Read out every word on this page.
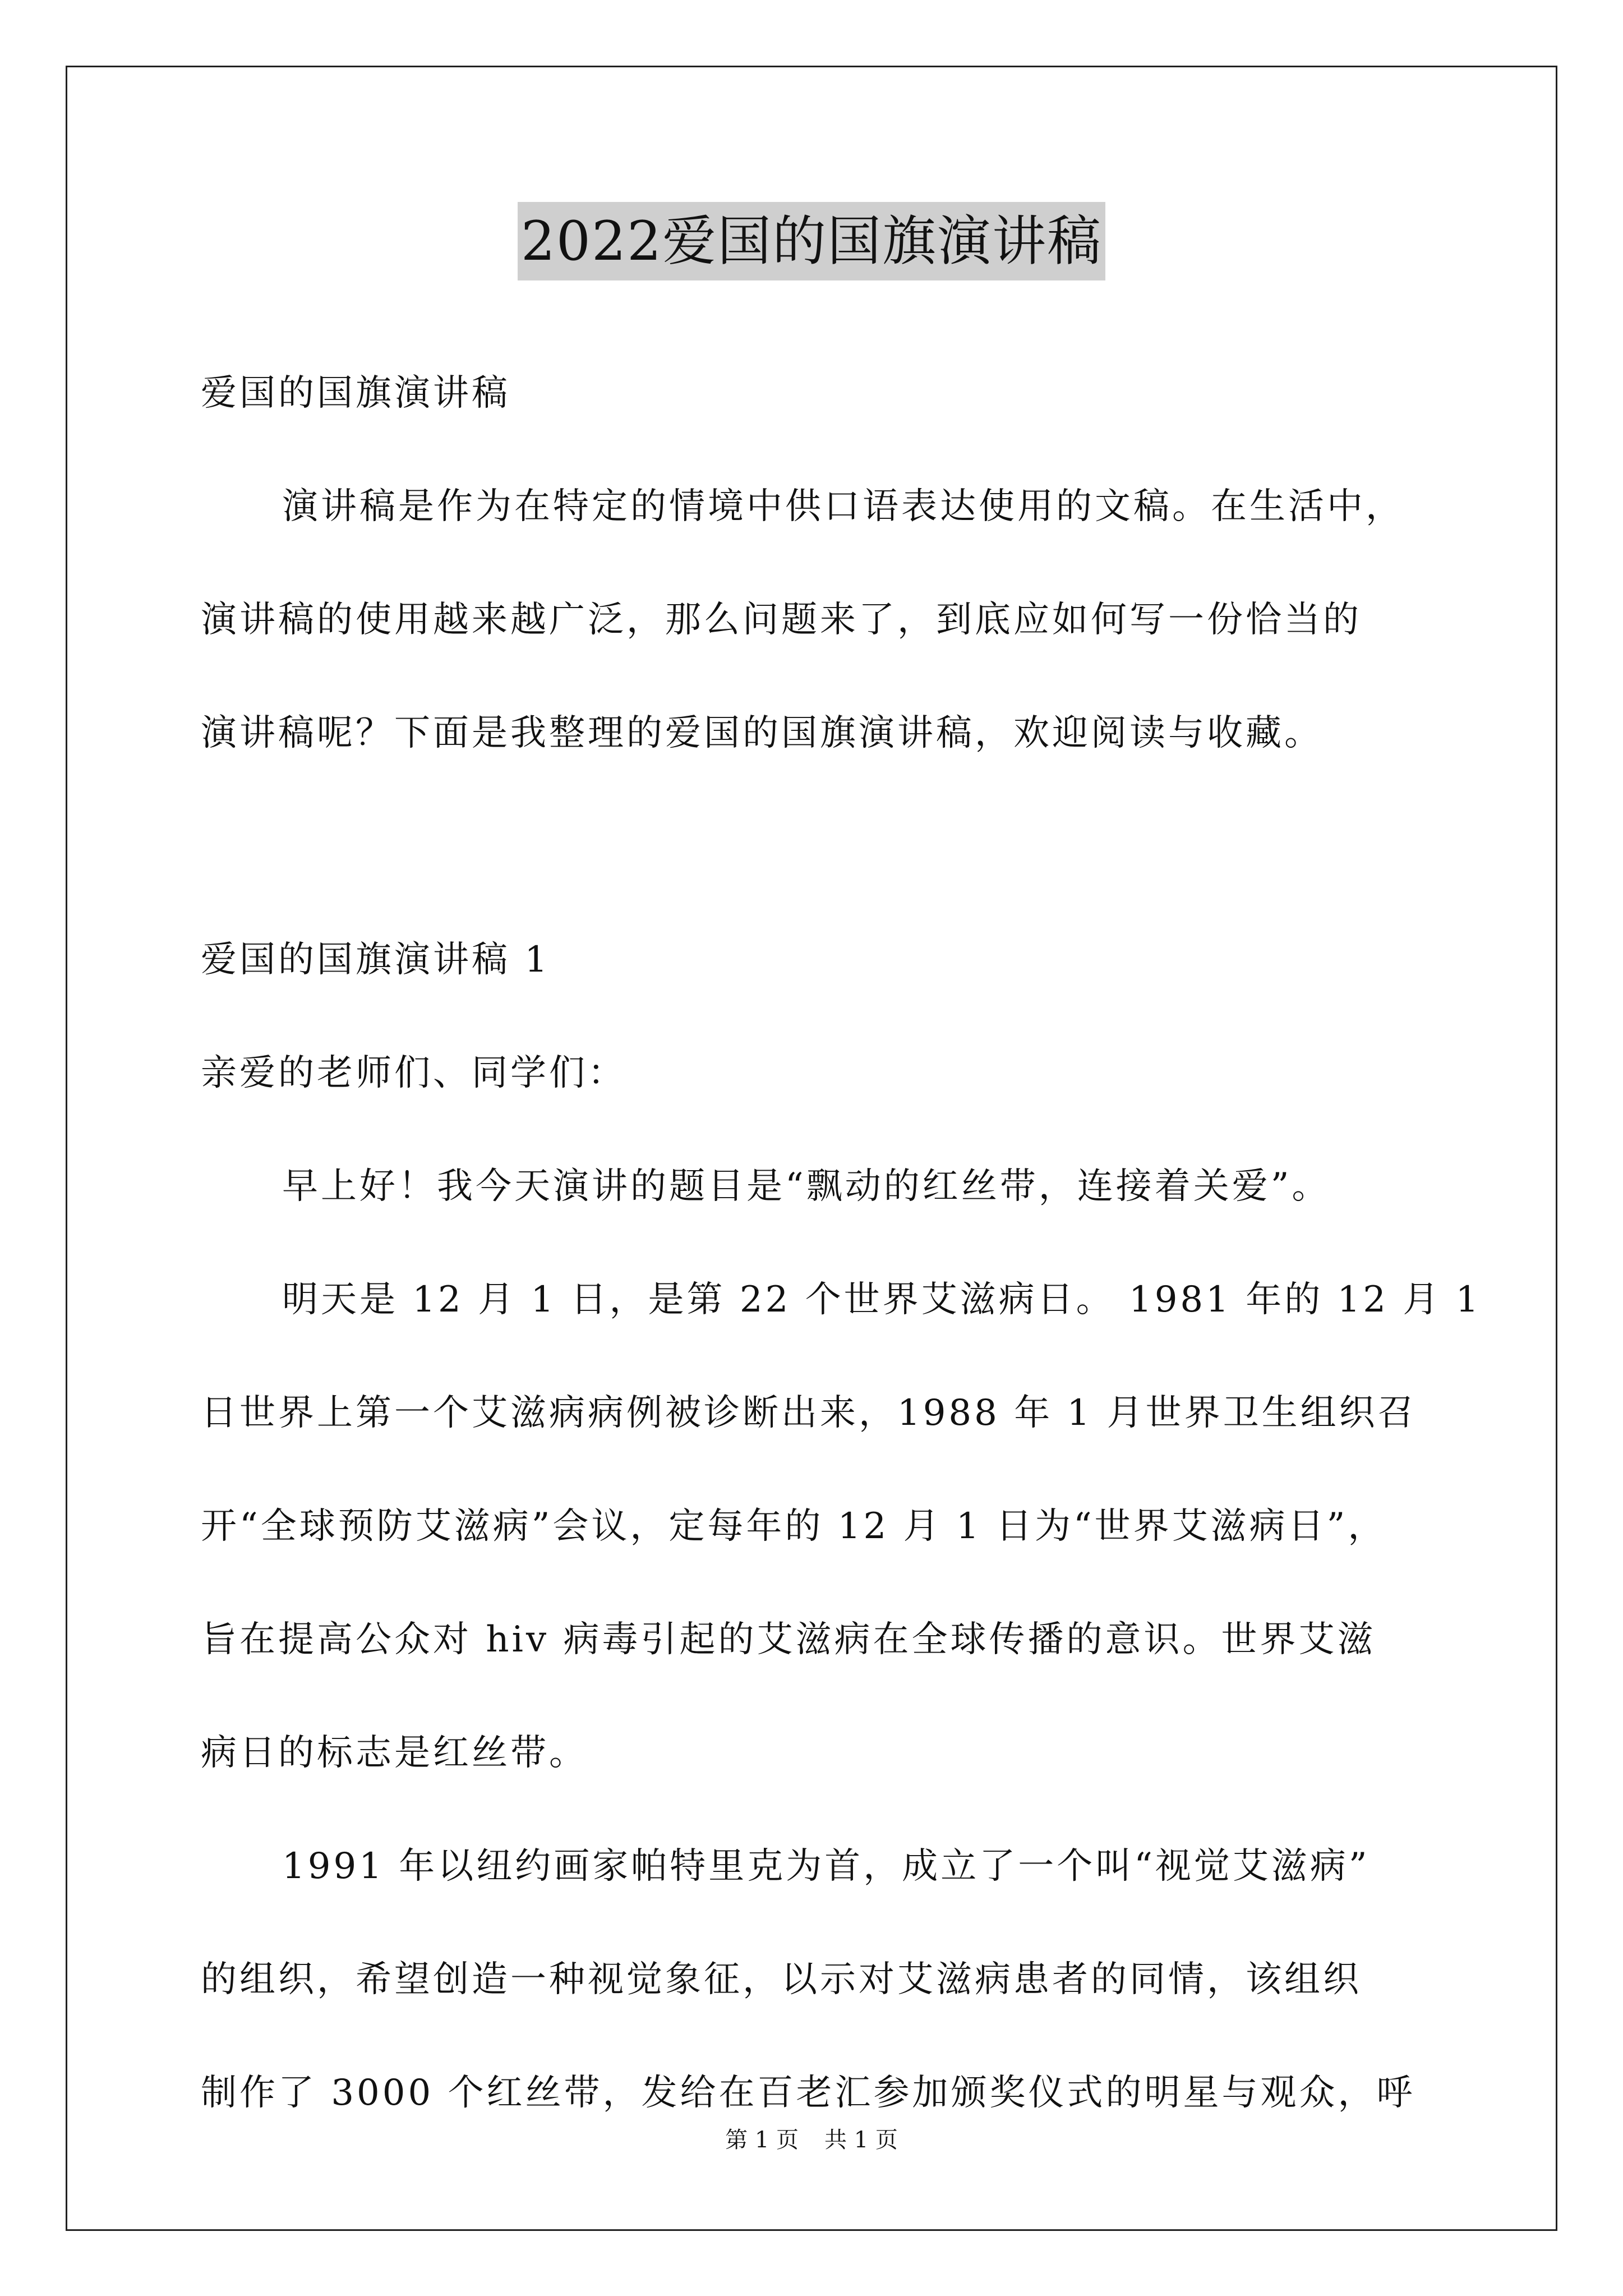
2022爱国的国旗演讲稿
爱国的国旗演讲稿
演讲稿是作为在特定的情境中供口语表达使用的文稿。在生活中，
演讲稿的使用越来越广泛，那么问题来了，到底应如何写一份恰当的
演讲稿呢？下面是我整理的爱国的国旗演讲稿，欢迎阅读与收藏。
爱国的国旗演讲稿 1
亲爱的老师们、同学们：
早上好！我今天演讲的题目是“飘动的红丝带，连接着关爱”。
明天是 12 月 1 日，是第 22 个世界艾滋病日。 1981 年的 12 月 1
日世界上第一个艾滋病病例被诊断出来，1988 年 1 月世界卫生组织召
开“全球预防艾滋病”会议，定每年的 12 月 1 日为“世界艾滋病日”，
旨在提高公众对 hiv 病毒引起的艾滋病在全球传播的意识。世界艾滋
病日的标志是红丝带。
1991 年以纽约画家帕特里克为首，成立了一个叫“视觉艾滋病”
的组织，希望创造一种视觉象征，以示对艾滋病患者的同情，该组织
制作了 3000 个红丝带，发给在百老汇参加颁奖仪式的明星与观众，呼
第 1 页 共 1 页
